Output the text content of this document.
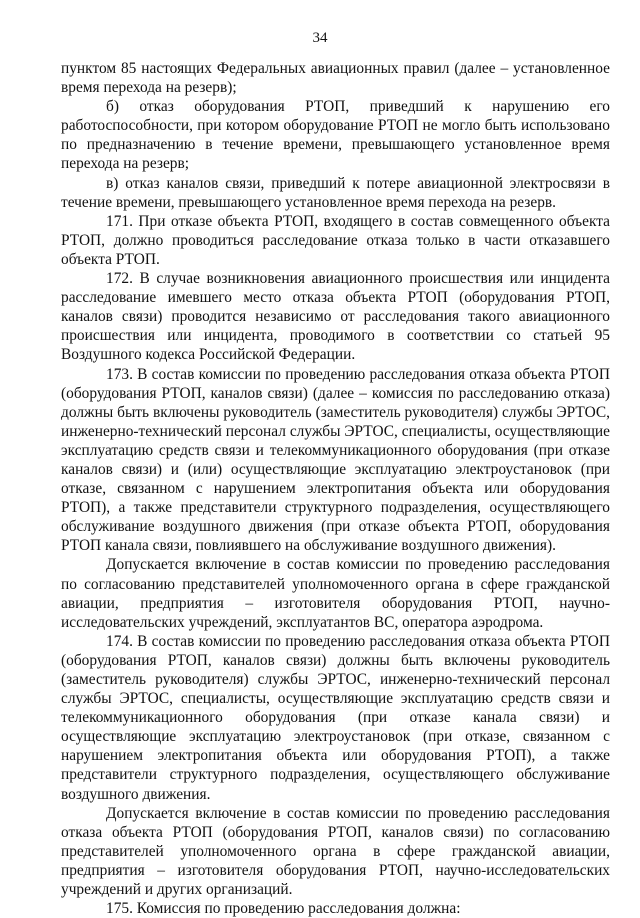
34

пунктом 85 настоящих Федеральных авиационных правил (далее – установленное время перехода на резерв);

б) отказ оборудования РТОП, приведший к нарушению его работоспособности, при котором оборудование РТОП не могло быть использовано по предназначению в течение времени, превышающего установленное время перехода на резерв;

в) отказ каналов связи, приведший к потере авиационной электросвязи в течение времени, превышающего установленное время перехода на резерв.

171. При отказе объекта РТОП, входящего в состав совмещенного объекта РТОП, должно проводиться расследование отказа только в части отказавшего объекта РТОП.

172. В случае возникновения авиационного происшествия или инцидента расследование имевшего место отказа объекта РТОП (оборудования РТОП, каналов связи) проводится независимо от расследования такого авиационного происшествия или инцидента, проводимого в соответствии со статьей 95 Воздушного кодекса Российской Федерации.

173. В состав комиссии по проведению расследования отказа объекта РТОП (оборудования РТОП, каналов связи) (далее – комиссия по расследованию отказа) должны быть включены руководитель (заместитель руководителя) службы ЭРТОС, инженерно-технический персонал службы ЭРТОС, специалисты, осуществляющие эксплуатацию средств связи и телекоммуникационного оборудования (при отказе каналов связи) и (или) осуществляющие эксплуатацию электроустановок (при отказе, связанном с нарушением электропитания объекта или оборудования РТОП), а также представители структурного подразделения, осуществляющего обслуживание воздушного движения (при отказе объекта РТОП, оборудования РТОП канала связи, повлиявшего на обслуживание воздушного движения).

Допускается включение в состав комиссии по проведению расследования по согласованию представителей уполномоченного органа в сфере гражданской авиации, предприятия – изготовителя оборудования РТОП, научно-исследовательских учреждений, эксплуатантов ВС, оператора аэродрома.

174. В состав комиссии по проведению расследования отказа объекта РТОП (оборудования РТОП, каналов связи) должны быть включены руководитель (заместитель руководителя) службы ЭРТОС, инженерно-технический персонал службы ЭРТОС, специалисты, осуществляющие эксплуатацию средств связи и телекоммуникационного оборудования (при отказе канала связи) и осуществляющие эксплуатацию электроустановок (при отказе, связанном с нарушением электропитания объекта или оборудования РТОП), а также представители структурного подразделения, осуществляющего обслуживание воздушного движения.

Допускается включение в состав комиссии по проведению расследования отказа объекта РТОП (оборудования РТОП, каналов связи) по согласованию представителей уполномоченного органа в сфере гражданской авиации, предприятия – изготовителя оборудования РТОП, научно-исследовательских учреждений и других организаций.

175. Комиссия по проведению расследования должна:
